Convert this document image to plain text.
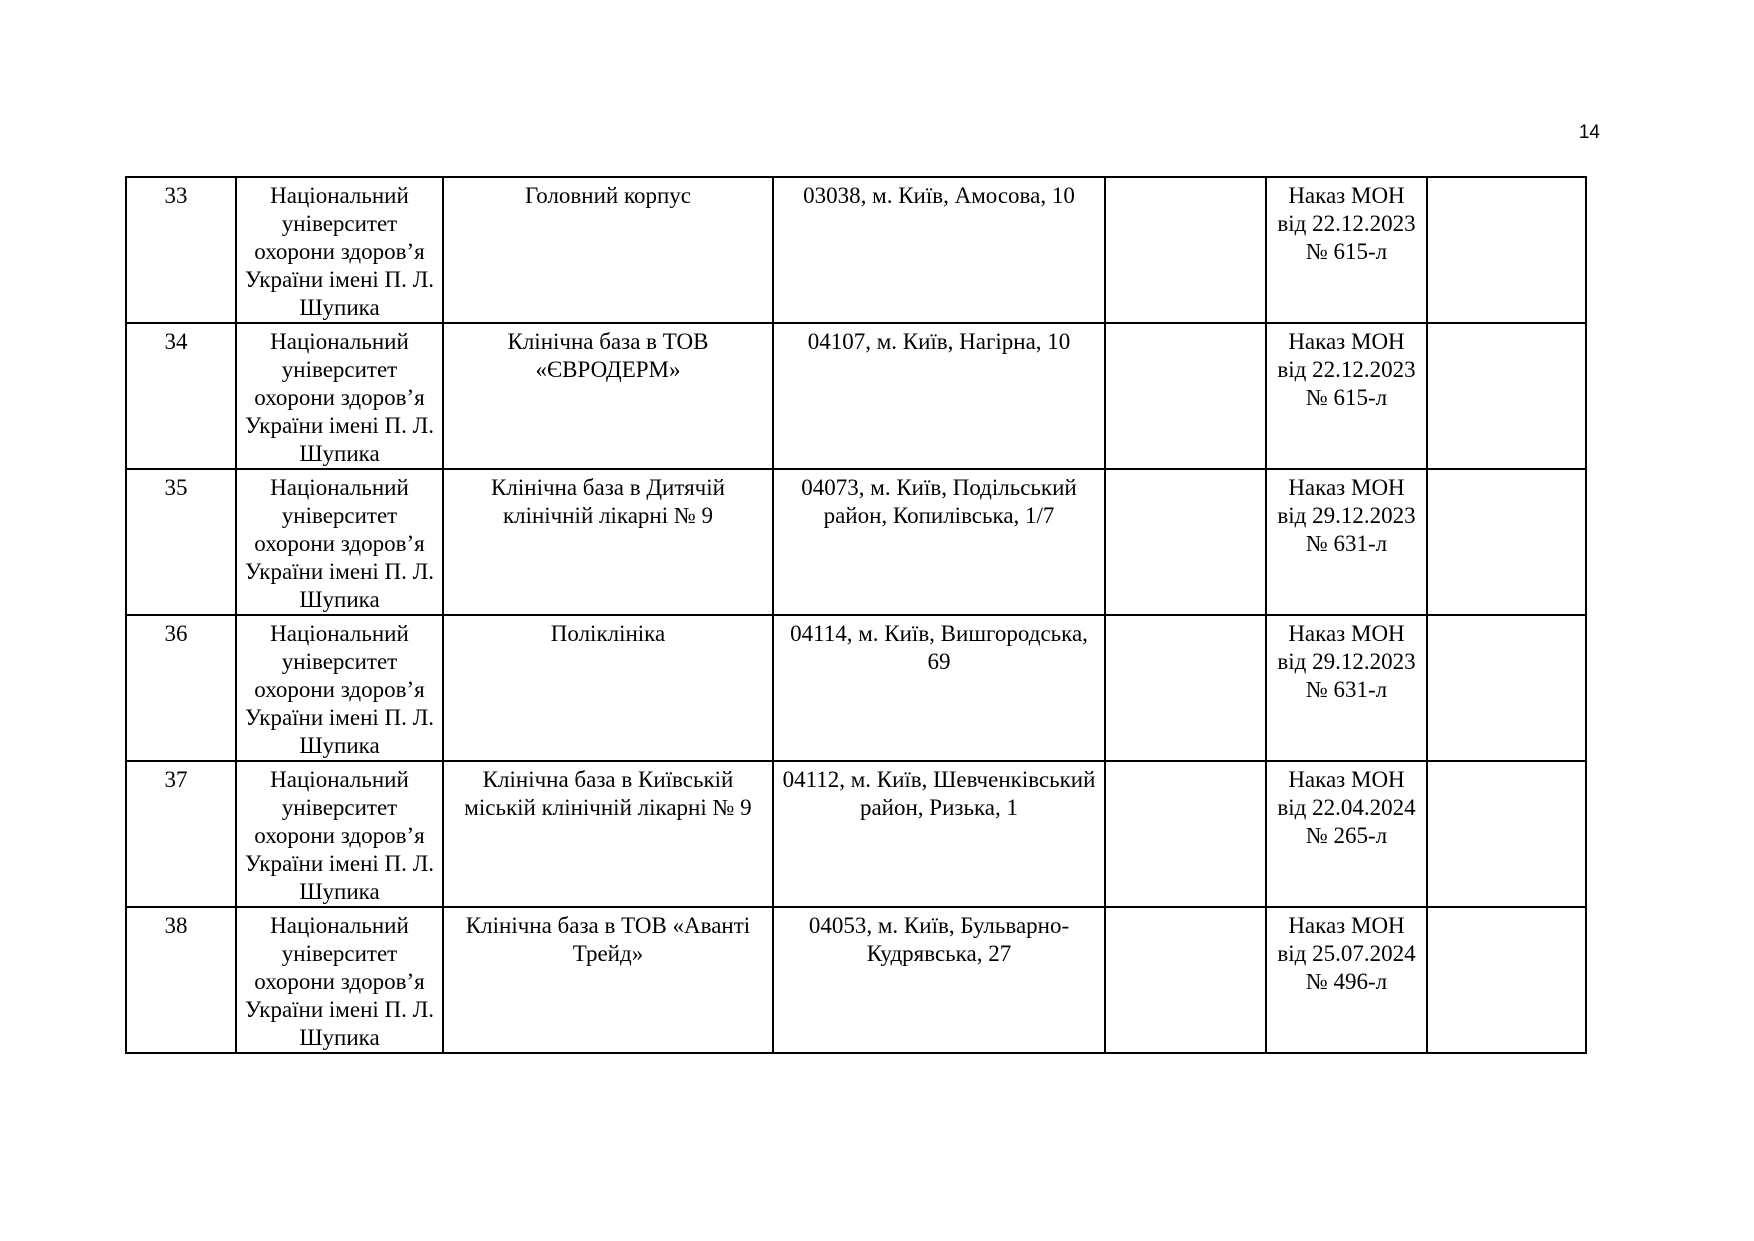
14
33	Національний університет охорони здоров’я України імені П. Л. Шупика	Головний корпус	03038, м. Київ, Амосова, 10		Наказ МОН
від 22.12.2023
№ 615-л	

34	Національний університет охорони здоров’я України імені П. Л. Шупика	Клінічна база в ТОВ «ЄВРОДЕРМ»	04107, м. Київ, Нагірна, 10		Наказ МОН
від 22.12.2023
№ 615-л	

35	Національний університет охорони здоров’я України імені П. Л. Шупика	Клінічна база в Дитячій клінічній лікарні № 9	04073, м. Київ, Подільський район, Копилівська, 1/7		Наказ МОН
від 29.12.2023
№ 631-л	

36	Національний університет охорони здоров’я України імені П. Л. Шупика	Поліклініка	04114, м. Київ, Вишгородська, 69		Наказ МОН
від 29.12.2023
№ 631-л	

37	Національний університет охорони здоров’я України імені П. Л. Шупика	Клінічна база в Київській міській клінічній лікарні № 9	04112, м. Київ, Шевченківський район, Ризька, 1		Наказ МОН
від 22.04.2024
№ 265-л	

38	Національний університет охорони здоров’я України імені П. Л. Шупика	Клінічна база в ТОВ «Аванті Трейд»	04053, м. Київ, Бульварно-Кудрявська, 27		Наказ МОН
від 25.07.2024
№ 496-л	
